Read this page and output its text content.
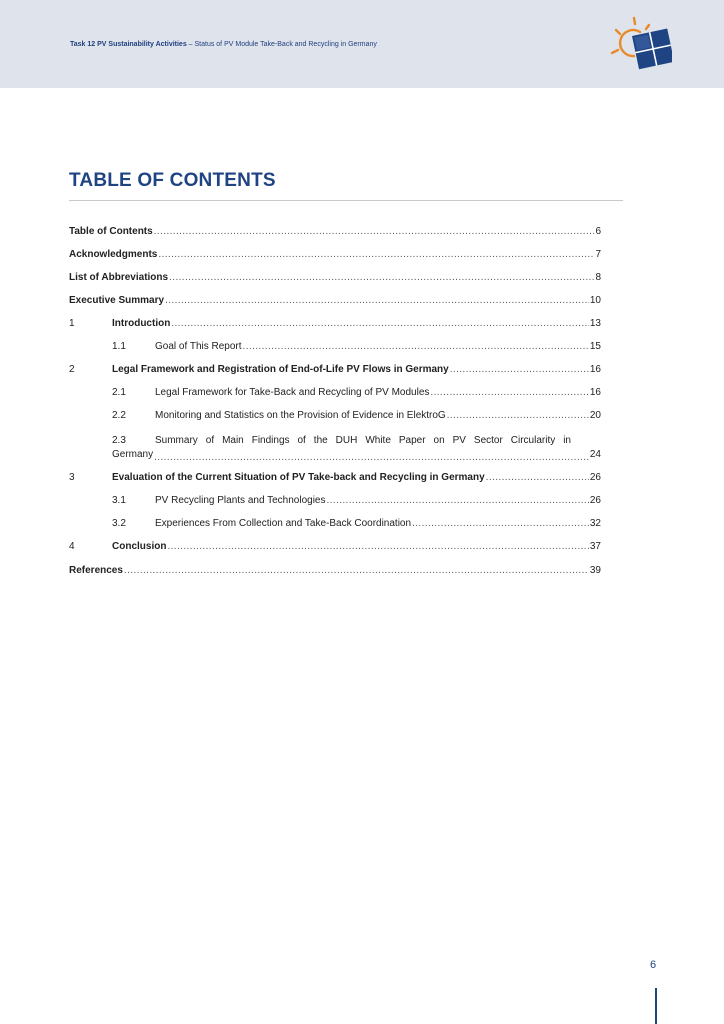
Task 12 PV Sustainability Activities – Status of PV Module Take-Back and Recycling in Germany
TABLE OF CONTENTS
Table of Contents .....	6
Acknowledgments .....	7
List of Abbreviations .....	8
Executive Summary .....	10
1	Introduction .....	13
1.1	Goal of This Report .....	15
2	Legal Framework and Registration of End-of-Life PV Flows in Germany .....	16
2.1	Legal Framework for Take-Back and Recycling of PV Modules .....	16
2.2	Monitoring and Statistics on the Provision of Evidence in ElektroG .....	20
2.3	Summary of Main Findings of the DUH White Paper on PV Sector Circularity in
Germany .....	24
3	Evaluation of the Current Situation of PV Take-back and Recycling in Germany .....	26
3.1	PV Recycling Plants and Technologies .....	26
3.2	Experiences From Collection and Take-Back Coordination .....	32
4	Conclusion .....	37
References .....	39
6
